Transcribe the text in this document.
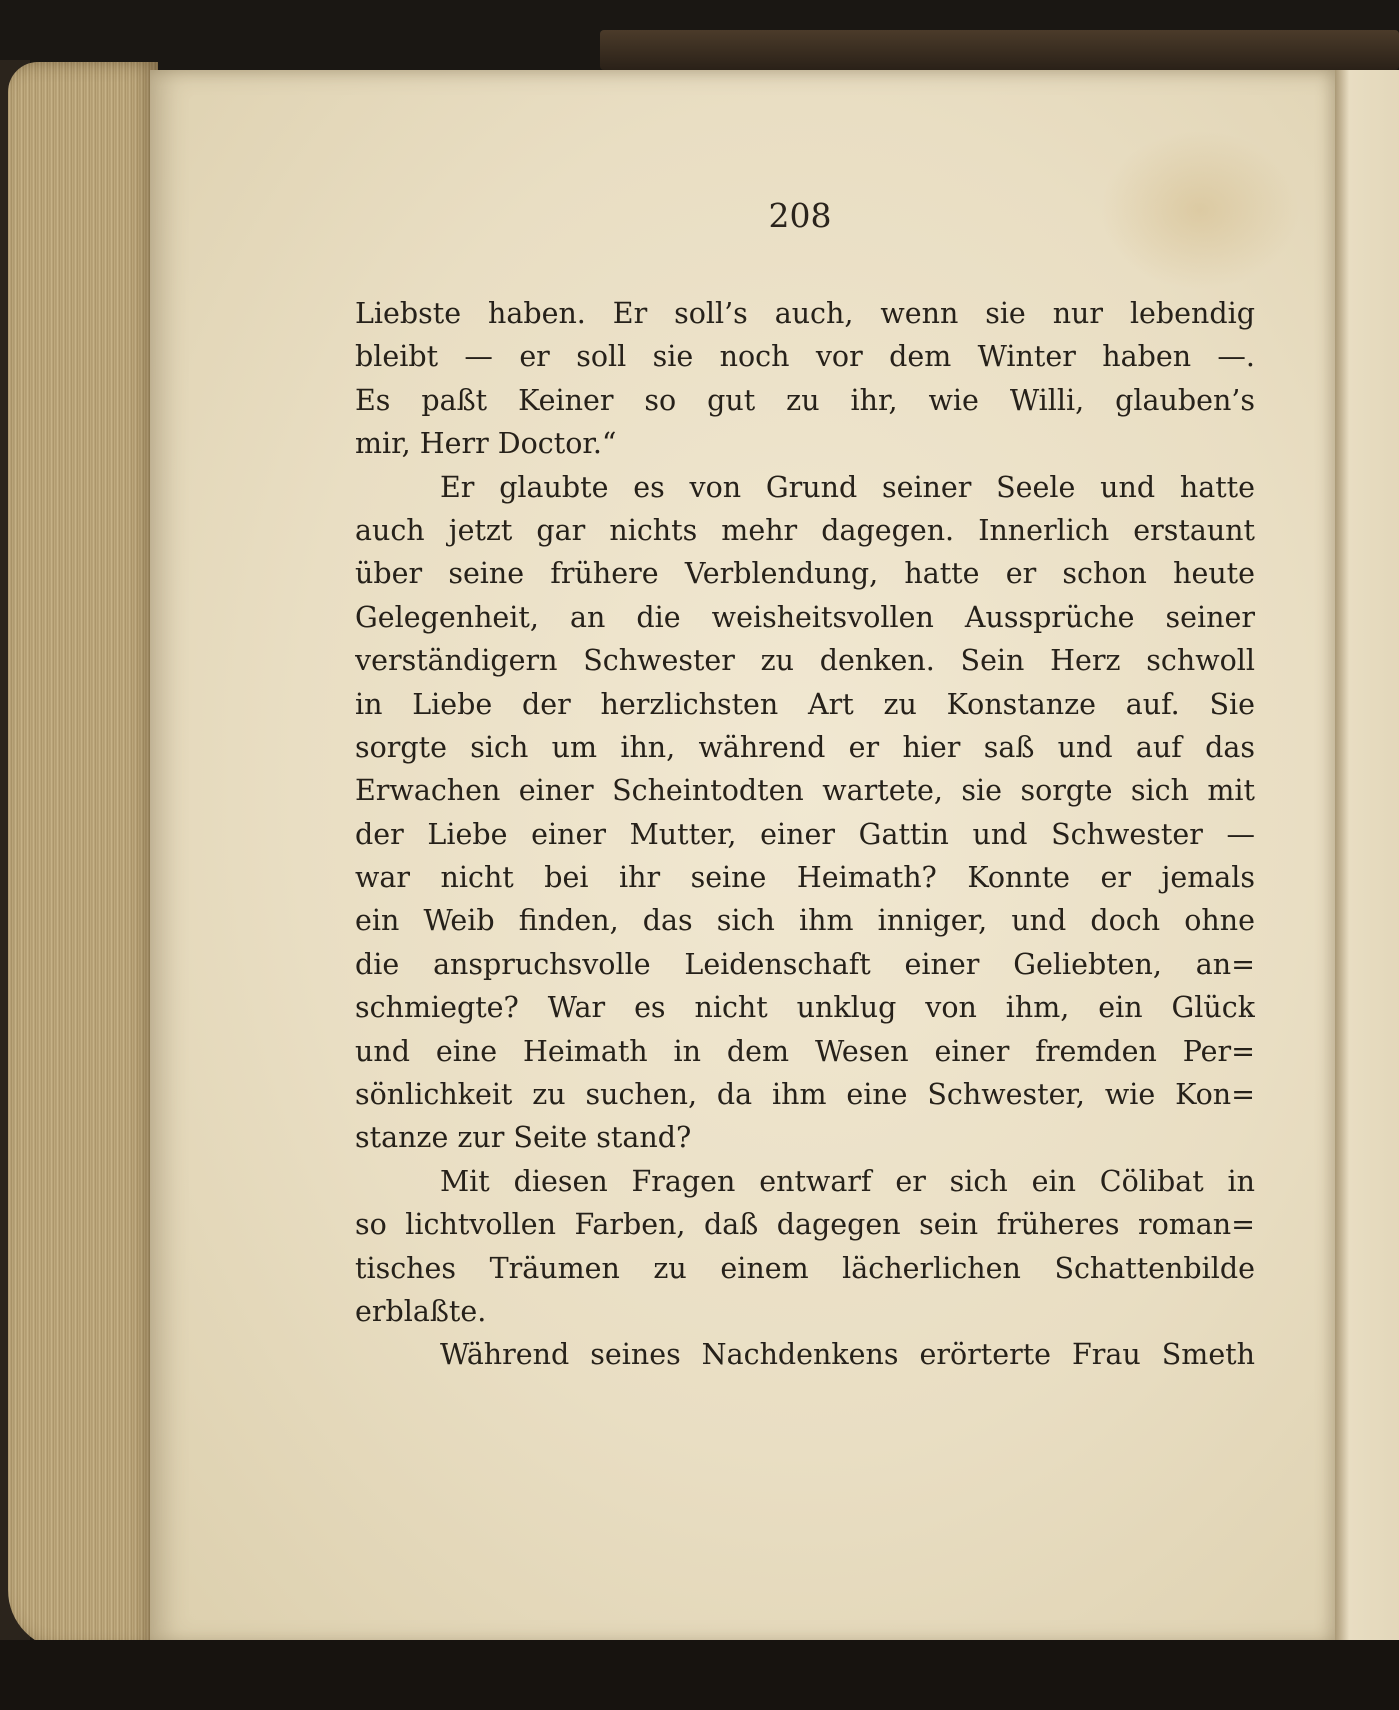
208
Liebste haben. Er soll’s auch, wenn sie nur lebendig
bleibt — er soll sie noch vor dem Winter haben —.
Es paßt Keiner so gut zu ihr, wie Willi, glauben’s
mir, Herr Doctor.“
Er glaubte es von Grund seiner Seele und hatte
auch jetzt gar nichts mehr dagegen. Innerlich erstaunt
über seine frühere Verblendung, hatte er schon heute
Gelegenheit, an die weisheitsvollen Aussprüche seiner
verständigern Schwester zu denken. Sein Herz schwoll
in Liebe der herzlichsten Art zu Konstanze auf. Sie
sorgte sich um ihn, während er hier saß und auf das
Erwachen einer Scheintodten wartete, sie sorgte sich mit
der Liebe einer Mutter, einer Gattin und Schwester —
war nicht bei ihr seine Heimath? Konnte er jemals
ein Weib finden, das sich ihm inniger, und doch ohne
die anspruchsvolle Leidenschaft einer Geliebten, an=
schmiegte? War es nicht unklug von ihm, ein Glück
und eine Heimath in dem Wesen einer fremden Per=
sönlichkeit zu suchen, da ihm eine Schwester, wie Kon=
stanze zur Seite stand?
Mit diesen Fragen entwarf er sich ein Cölibat in
so lichtvollen Farben, daß dagegen sein früheres roman=
tisches Träumen zu einem lächerlichen Schattenbilde
erblaßte.
Während seines Nachdenkens erörterte Frau Smeth
